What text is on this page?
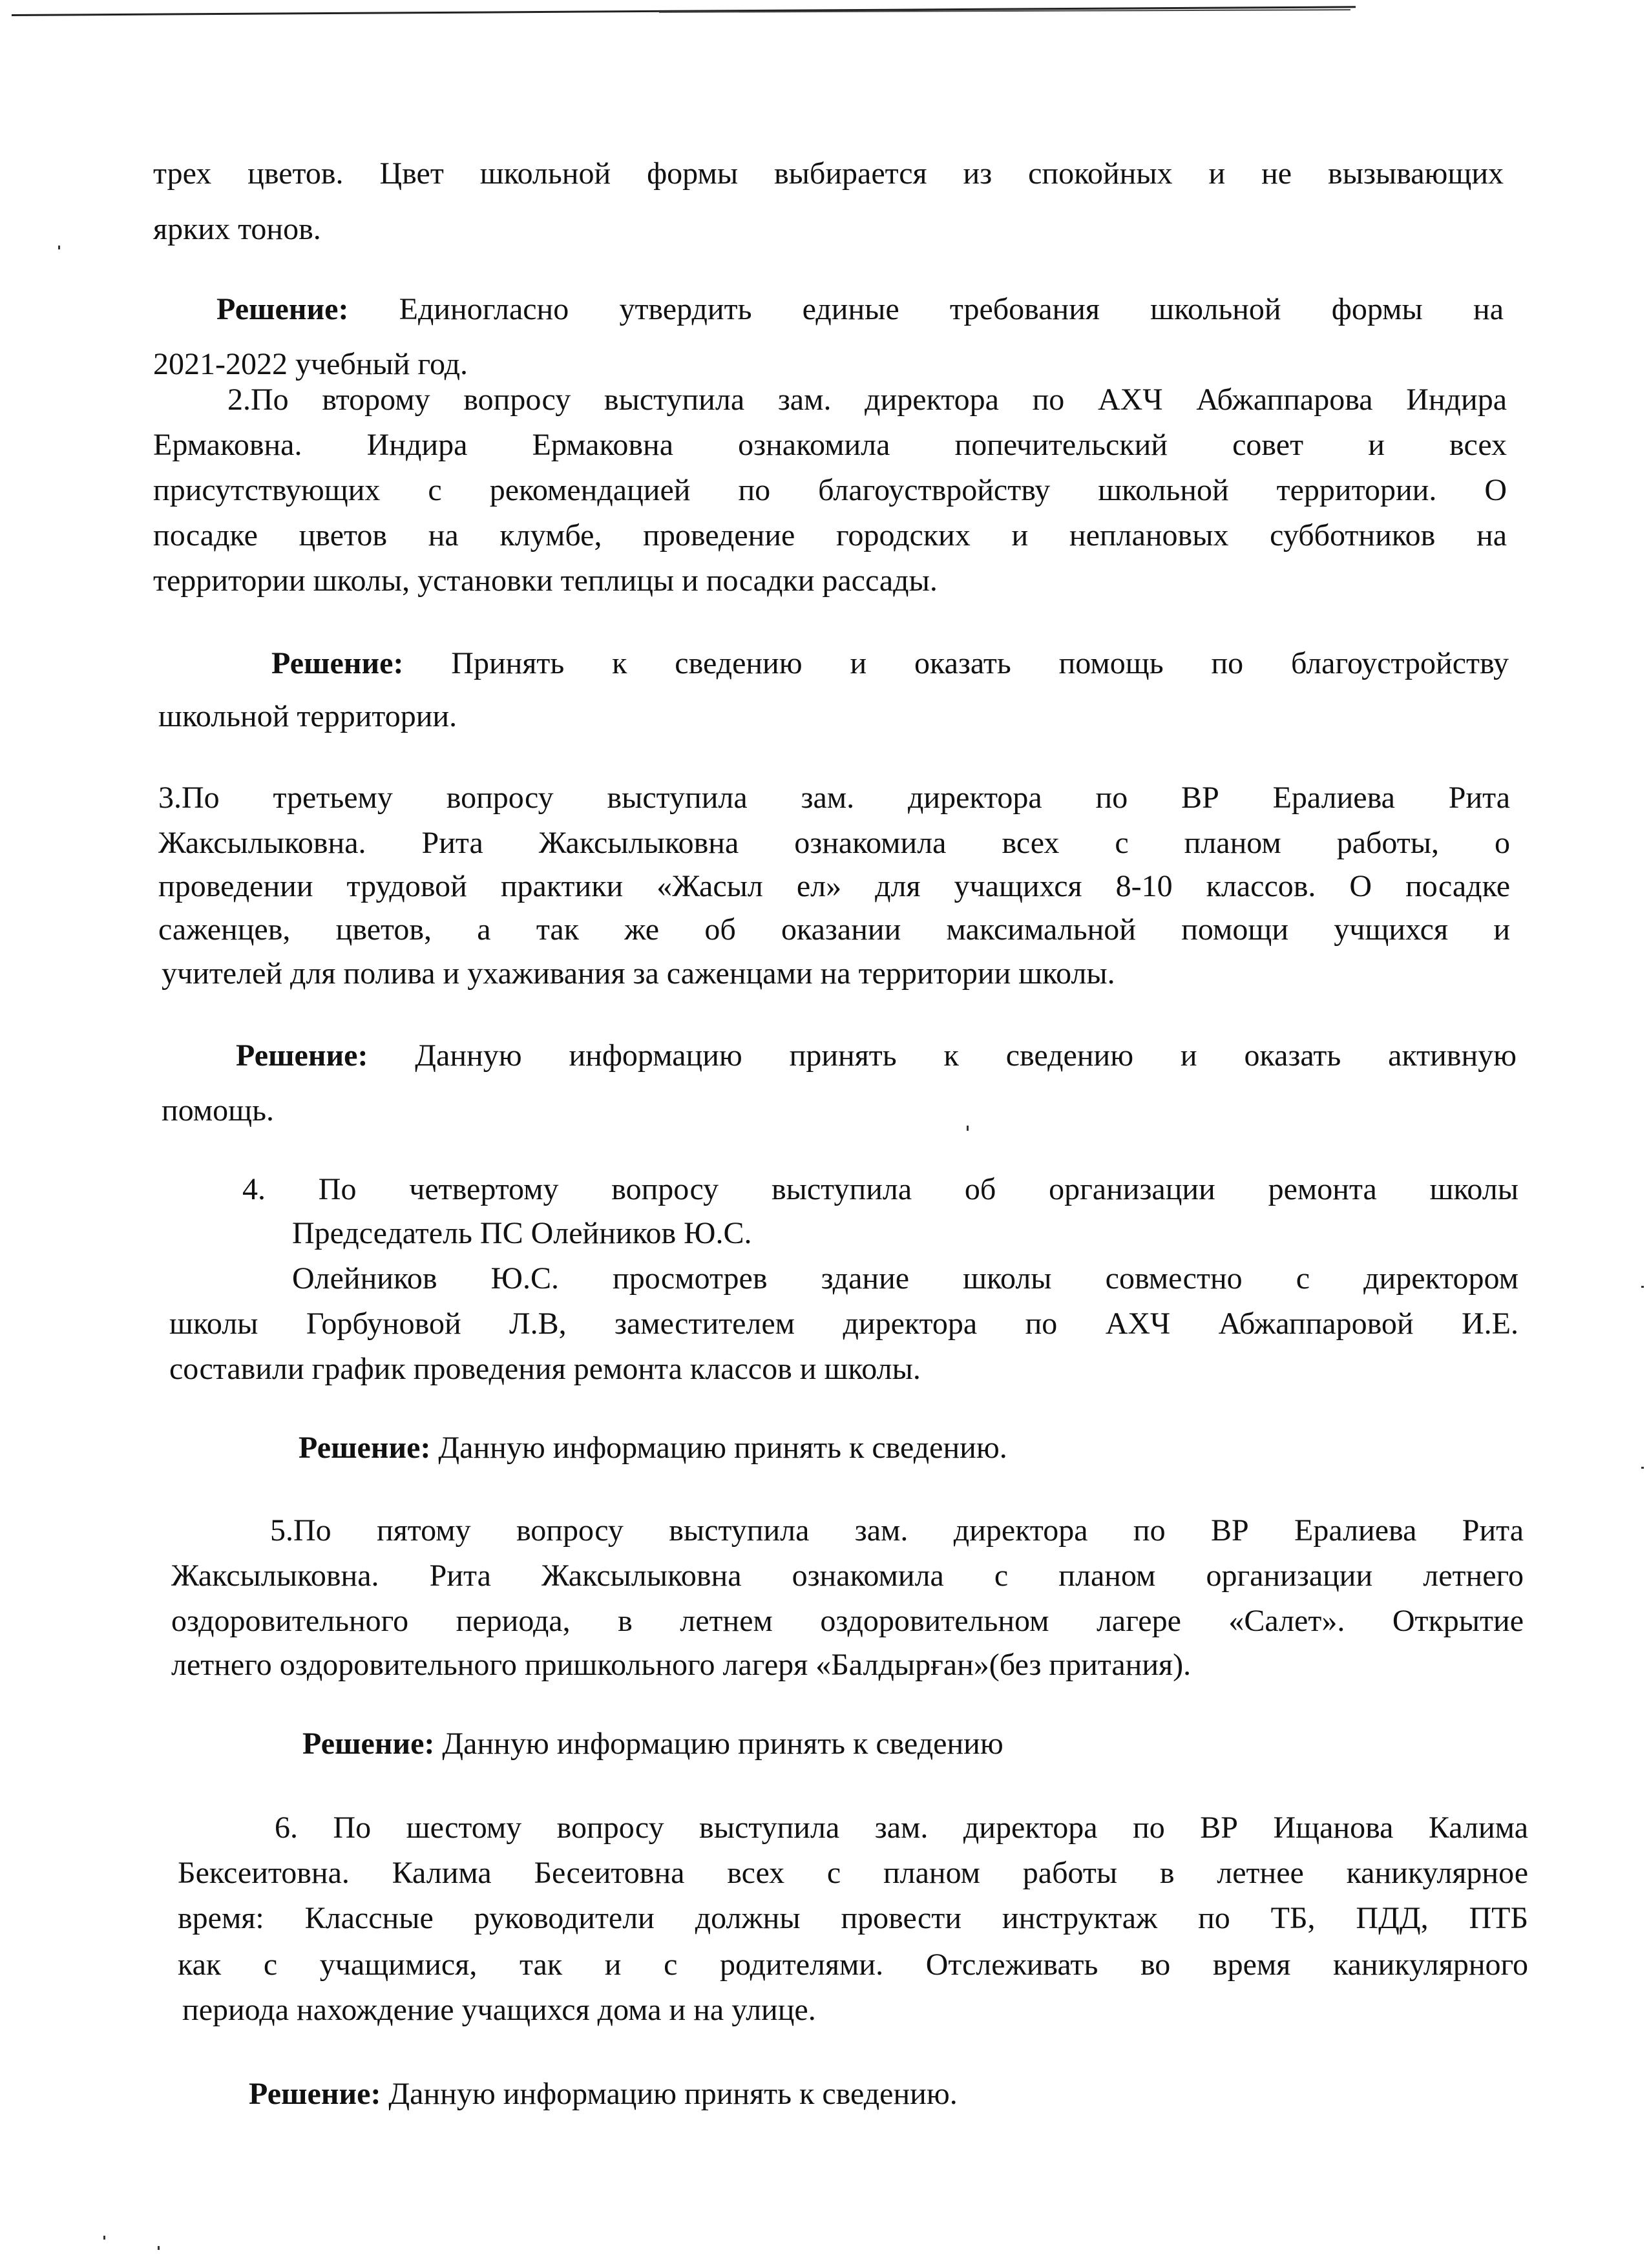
трех цветов. Цвет школьной формы выбирается из спокойных и не вызывающих
ярких тонов.
Решение: Единогласно утвердить единые требования школьной формы на
2021-2022 учебный год.
2.По второму вопросу выступила зам. директора по АХЧ Абжаппарова Индира
Ермаковна. Индира Ермаковна ознакомила попечительский совет и всех
присутствующих с рекомендацией по благоуствройству школьной территории. О
посадке цветов на клумбе, проведение городских и неплановых субботников на
территории школы, установки теплицы и посадки рассады.
Решение: Принять к сведению и оказать помощь по благоустройству
школьной территории.
3.По третьему вопросу выступила зам. директора по ВР Ералиева Рита
Жаксылыковна. Рита Жаксылыковна ознакомила всех с планом работы, о
проведении трудовой практики «Жасыл ел» для учащихся 8-10 классов. О посадке
саженцев, цветов, а так же об оказании максимальной помощи учщихся и
учителей для полива и ухаживания за саженцами на территории школы.
Решение: Данную информацию принять к сведению и оказать активную
помощь.
4. По четвертому вопросу выступила об организации ремонта школы
Председатель ПС Олейников Ю.С.
Олейников Ю.С. просмотрев здание школы совместно с директором
школы Горбуновой Л.В, заместителем директора по АХЧ Абжаппаровой И.Е.
составили график проведения ремонта классов и школы.
Решение: Данную информацию принять к сведению.
5.По пятому вопросу выступила зам. директора по ВР Ералиева Рита
Жаксылыковна. Рита Жаксылыковна ознакомила с планом организации летнего
оздоровительного периода, в летнем оздоровительном лагере «Салет». Открытие
летнего оздоровительного пришкольного лагеря «Балдырған»(без притания).
Решение: Данную информацию принять к сведению
6. По шестому вопросу выступила зам. директора по ВР Ищанова Калима
Бексеитовна. Калима Бесеитовна всех с планом работы в летнее каникулярное
время: Классные руководители должны провести инструктаж по ТБ, ПДД, ПТБ
как с учащимися, так и с родителями. Отслеживать во время каникулярного
периода нахождение учащихся дома и на улице.
Решение: Данную информацию принять к сведению.
